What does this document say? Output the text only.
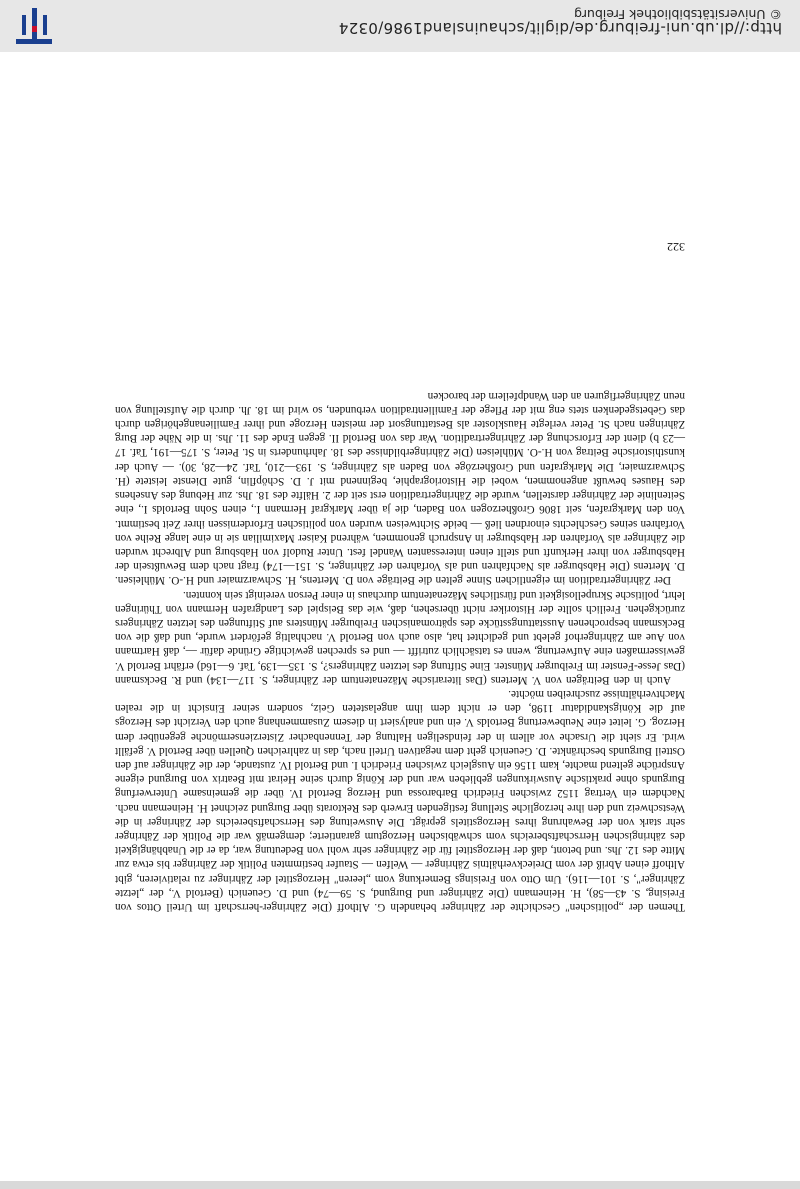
Themen der „politischen" Geschichte der Zähringer behandeln G. Althoff (Die Zähringer-herrschaft im Urteil Ottos von Freising, S. 43—58), H. Heinemann (Die Zähringer und Burgund, S. 59—74) und D. Geuenich (Bertold V., der „letzte Zähringer", S. 101—116). Um Otto von Freisings Bemerkung vom „leeren" Herzogstitel der Zähringer zu relativieren, gibt Althoff einen Abriß der vom Dreieckverhältnis Zähringer — Welfen — Staufer bestimmten Politik der Zähringer bis etwa zur Mitte des 12. Jhs. und betont, daß der Herzogstitel für die Zähringer sehr wohl von Bedeutung war, da er die Unabhängigkeit des zähringischen Herrschaftsbereichs vom schwäbischen Herzogtum garantierte; demgemäß war die Politik der Zähringer sehr stark von der Bewahrung ihres Herzogstitels geprägt. Die Ausweitung des Herrschaftsbereichs der Zähringer in die Westschweiz und den ihre herzogliche Stellung festigenden Erwerb des Rektorats über Burgund zeichnet H. Heinemann nach. Nachdem ein Vertrag 1152 zwischen Friedrich Barbarossa und Herzog Bertold IV. über die gemeinsame Unterwerfung Burgunds ohne praktische Auswirkungen geblieben war und der König durch seine Heirat mit Beatrix von Burgund eigene Ansprüche geltend machte, kam 1156 ein Ausgleich zwischen Friedrich I. und Bertold IV. zustande, der die Zähringer auf den Ostteil Burgunds beschränkte. D. Geuenich geht dem negativen Urteil nach, das in zahlreichen Quellen über Bertold V. gefällt wird. Er sieht die Ursache vor allem in der feindseligen Haltung der Tennenbacher Zisterziensermönche gegenüber dem Herzog. G. leitet eine Neubewertung Bertolds V. ein und analysiert in diesem Zusammenhang auch den Verzicht des Herzogs auf die Königskandidatur 1198, den er nicht dem ihm angelasteten Geiz, sondern seiner Einsicht in die realen Machtverhältnisse zuschreiben möchte.

Auch in den Beiträgen von V. Mertens (Das literarische Mäzenatentum der Zähringer, S. 117—134) und R. Becksmann (Das Jesse-Fenster im Freiburger Münster. Eine Stiftung des letzten Zähringers?, S. 135—139, Taf. 6—16d) erfährt Bertold V. gewissermaßen eine Aufwertung, wenn es tatsächlich zutrifft — und es sprechen gewichtige Gründe dafür —, daß Hartmann von Aue am Zähringerhof gelebt und gedichtet hat, also auch von Bertold V. nachhaltig gefördert wurde, und daß die von Becksmann besprochenen Ausstattungsstücke des spätromanischen Freiburger Münsters auf Stiftungen des letzten Zähringers zurückgehen. Freilich sollte der Historiker nicht übersehen, daß, wie das Beispiel des Landgrafen Hermann von Thüringen lehrt, politische Skrupellosigkeit und fürstliches Mäzenatentum durchaus in einer Person vereinigt sein konnten.

Der Zähringertradition im eigentlichen Sinne gelten die Beiträge von D. Mertens, H. Schwarzmaier und H.-O. Mühleisen. D. Mertens (Die Habsburger als Nachfahren und als Vorfahren der Zähringer, S. 151—174) fragt nach dem Bewußtsein der Habsburger von ihrer Herkunft und stellt einen interessanten Wandel fest. Unter Rudolf von Habsburg und Albrecht wurden die Zähringer als Vorfahren der Habsburger in Anspruch genommen, während Kaiser Maximilian sie in eine lange Reihe von Vorfahren seines Geschlechts einordnen ließ — beide Sichtweisen wurden von politischen Erfordernissen ihrer Zeit bestimmt. Von den Markgrafen, seit 1806 Großherzogen von Baden, die ja über Markgraf Hermann I., einen Sohn Bertolds I., eine Seitenlinie der Zähringer darstellen, wurde die Zähringertradition erst seit der 2. Hälfte des 18. Jhs. zur Hebung des Ansehens des Hauses bewußt angenommen, wobei die Historiographie, beginnend mit J. D. Schöpflin, gute Dienste leistete (H. Schwarzmaier, Die Markgrafen und Großherzöge von Baden als Zähringer, S. 193—210, Taf. 24—28, 30). — Auch der kunsthistorische Beitrag von H.-O. Mühleisen (Die Zähringerbildnisse des 18. Jahrhunderts in St. Peter, S. 175—191, Taf. 17—23 b) dient der Erforschung der Zähringertradition. War das von Bertold II. gegen Ende des 11. Jhs. in die Nähe der Burg Zähringen nach St. Peter verlegte Hauskloster als Bestattungsort der meisten Herzoge und ihrer Familienangehörigen durch das Gebetsgedenken stets eng mit der Pflege der Familientradition verbunden, so wird im 18. Jh. durch die Aufstellung von neun Zähringerfiguren an den Wandpfeilern der barocken

322
http://dl.ub.uni-freiburg.de/diglit/schauinsland1986/0324
© Universitätsbibliothek Freiburg
